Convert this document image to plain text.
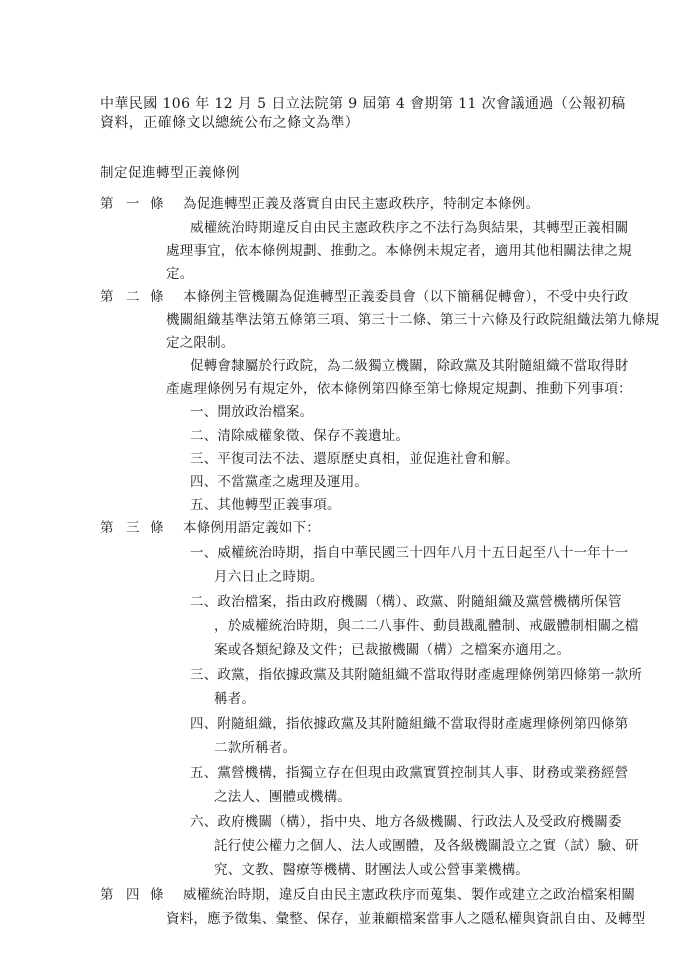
中華民國 106 年 12 月 5 日立法院第 9 屆第 4 會期第 11 次會議通過（公報初稿
資料，正確條文以總統公布之條文為準）
制定促進轉型正義條例
第 一 條 為促進轉型正義及落實自由民主憲政秩序，特制定本條例。
威權統治時期違反自由民主憲政秩序之不法行為與結果，其轉型正義相關
處理事宜，依本條例規劃、推動之。本條例未規定者，適用其他相關法律之規
定。
第 二 條 本條例主管機關為促進轉型正義委員會（以下簡稱促轉會），不受中央行政
機關組織基準法第五條第三項、第三十二條、第三十六條及行政院組織法第九條規
定之限制。
促轉會隸屬於行政院，為二級獨立機關，除政黨及其附隨組織不當取得財
產處理條例另有規定外，依本條例第四條至第七條規定規劃、推動下列事項：
一、開放政治檔案。
二、清除威權象徵、保存不義遺址。
三、平復司法不法、還原歷史真相，並促進社會和解。
四、不當黨產之處理及運用。
五、其他轉型正義事項。
第 三 條 本條例用語定義如下：
一、威權統治時期，指自中華民國三十四年八月十五日起至八十一年十一
月六日止之時期。
二、政治檔案，指由政府機關（構）、政黨、附隨組織及黨營機構所保管
，於威權統治時期，與二二八事件、動員戡亂體制、戒嚴體制相關之檔
案或各類紀錄及文件；已裁撤機關（構）之檔案亦適用之。
三、政黨，指依據政黨及其附隨組織不當取得財產處理條例第四條第一款所
稱者。
四、附隨組織，指依據政黨及其附隨組織不當取得財產處理條例第四條第
二款所稱者。
五、黨營機構，指獨立存在但現由政黨實質控制其人事、財務或業務經營
之法人、團體或機構。
六、政府機關（構），指中央、地方各級機關、行政法人及受政府機關委
託行使公權力之個人、法人或團體，及各級機關設立之實（試）驗、研
究、文教、醫療等機構、財團法人或公營事業機構。
第 四 條 威權統治時期，違反自由民主憲政秩序而蒐集、製作或建立之政治檔案相關
資料，應予徵集、彙整、保存，並兼顧檔案當事人之隱私權與資訊自由、及轉型
